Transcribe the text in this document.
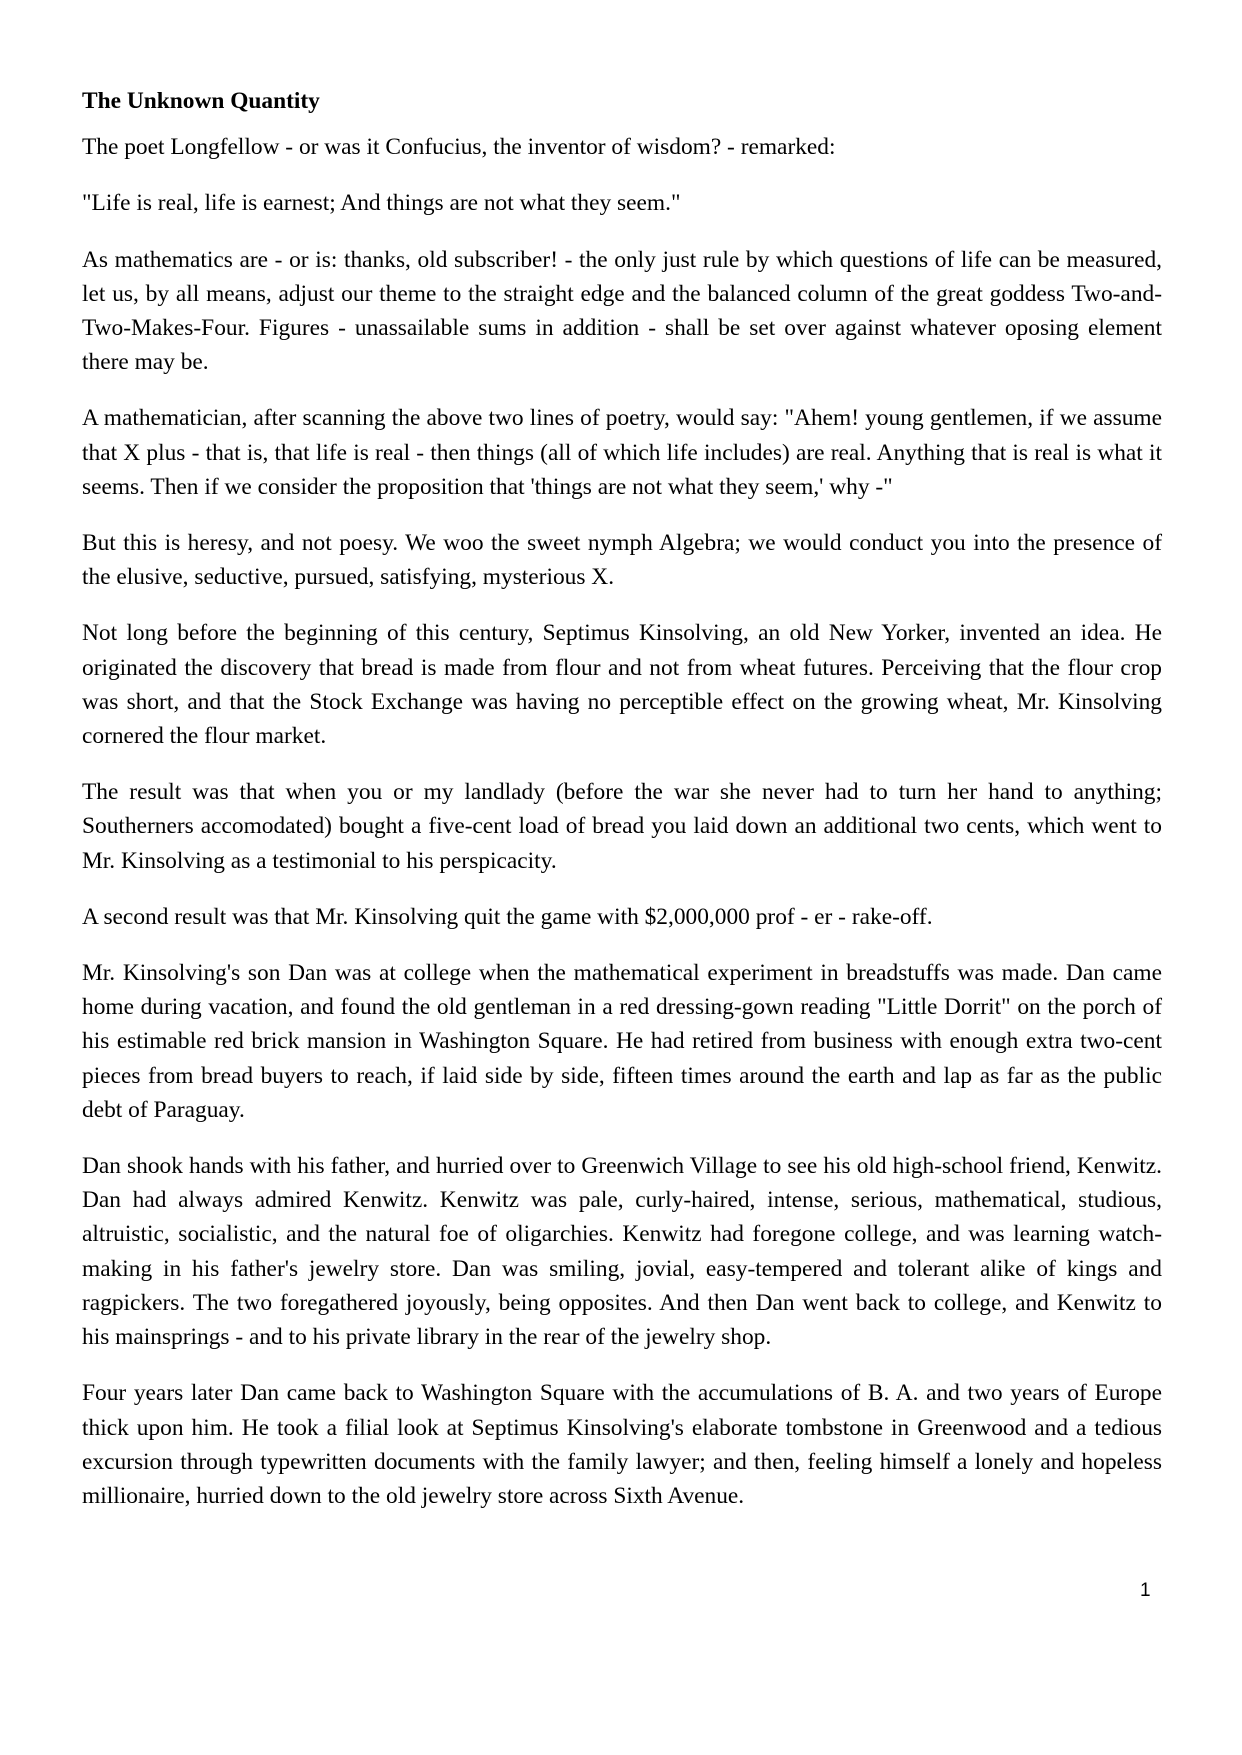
The Unknown Quantity

The poet Longfellow - or was it Confucius, the inventor of wisdom? - remarked:

"Life is real, life is earnest; And things are not what they seem."

As mathematics are - or is: thanks, old subscriber! - the only just rule by which questions of life can be measured, let us, by all means, adjust our theme to the straight edge and the balanced column of the great goddess Two-and-Two-Makes-Four. Figures - unassailable sums in addition - shall be set over against whatever oposing element there may be.

A mathematician, after scanning the above two lines of poetry, would say: "Ahem! young gentlemen, if we assume that X plus - that is, that life is real - then things (all of which life includes) are real. Anything that is real is what it seems. Then if we consider the proposition that 'things are not what they seem,' why -"

But this is heresy, and not poesy. We woo the sweet nymph Algebra; we would conduct you into the presence of the elusive, seductive, pursued, satisfying, mysterious X.

Not long before the beginning of this century, Septimus Kinsolving, an old New Yorker, invented an idea. He originated the discovery that bread is made from flour and not from wheat futures. Perceiving that the flour crop was short, and that the Stock Exchange was having no perceptible effect on the growing wheat, Mr. Kinsolving cornered the flour market.

The result was that when you or my landlady (before the war she never had to turn her hand to anything; Southerners accomodated) bought a five-cent load of bread you laid down an additional two cents, which went to Mr. Kinsolving as a testimonial to his perspicacity.

A second result was that Mr. Kinsolving quit the game with $2,000,000 prof - er - rake-off.

Mr. Kinsolving's son Dan was at college when the mathematical experiment in breadstuffs was made. Dan came home during vacation, and found the old gentleman in a red dressing-gown reading "Little Dorrit" on the porch of his estimable red brick mansion in Washington Square. He had retired from business with enough extra two-cent pieces from bread buyers to reach, if laid side by side, fifteen times around the earth and lap as far as the public debt of Paraguay.

Dan shook hands with his father, and hurried over to Greenwich Village to see his old high-school friend, Kenwitz. Dan had always admired Kenwitz. Kenwitz was pale, curly-haired, intense, serious, mathematical, studious, altruistic, socialistic, and the natural foe of oligarchies. Kenwitz had foregone college, and was learning watch-making in his father's jewelry store. Dan was smiling, jovial, easy-tempered and tolerant alike of kings and ragpickers. The two foregathered joyously, being opposites. And then Dan went back to college, and Kenwitz to his mainsprings - and to his private library in the rear of the jewelry shop.

Four years later Dan came back to Washington Square with the accumulations of B. A. and two years of Europe thick upon him. He took a filial look at Septimus Kinsolving's elaborate tombstone in Greenwood and a tedious excursion through typewritten documents with the family lawyer; and then, feeling himself a lonely and hopeless millionaire, hurried down to the old jewelry store across Sixth Avenue.

1
